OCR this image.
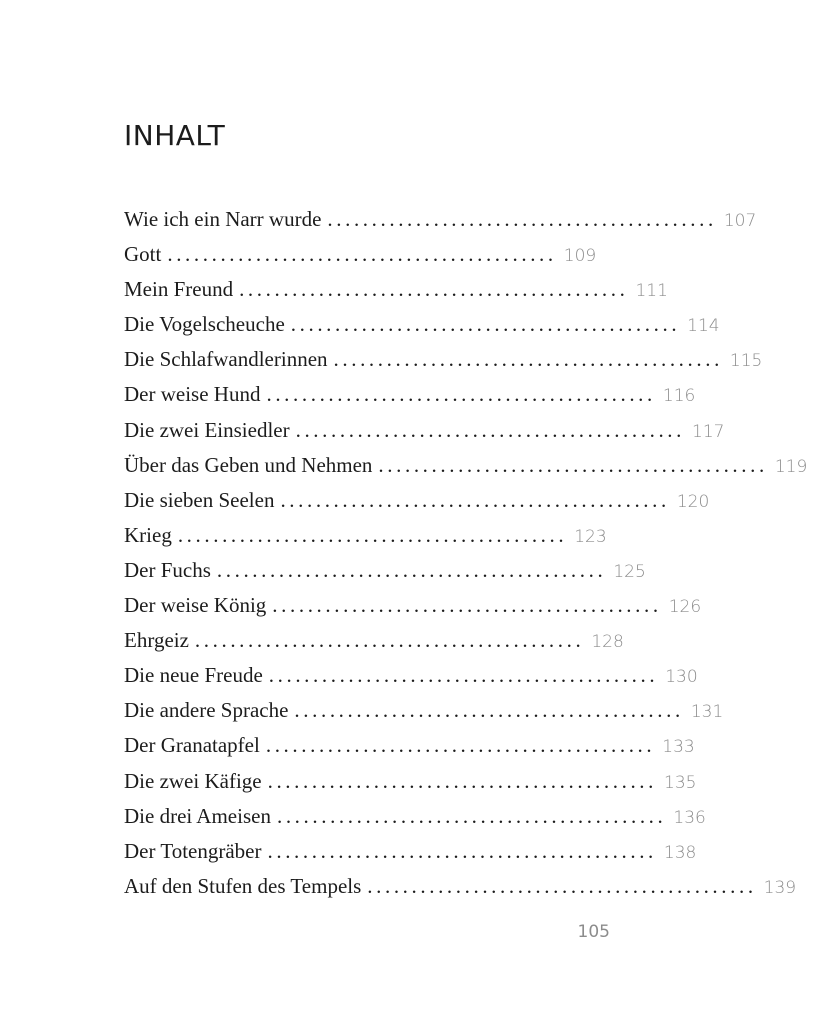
INHALT
Wie ich ein Narr wurde ............................................ 107
Gott ............................................ 109
Mein Freund ............................................ 111
Die Vogelscheuche ............................................ 114
Die Schlafwandlerinnen ............................................ 115
Der weise Hund ............................................ 116
Die zwei Einsiedler ............................................ 117
Über das Geben und Nehmen ............................................ 119
Die sieben Seelen ............................................ 120
Krieg ............................................ 123
Der Fuchs ............................................ 125
Der weise König ............................................ 126
Ehrgeiz ............................................ 128
Die neue Freude ............................................ 130
Die andere Sprache ............................................ 131
Der Granatapfel ............................................ 133
Die zwei Käfige ............................................ 135
Die drei Ameisen ............................................ 136
Der Totengräber ............................................ 138
Auf den Stufen des Tempels ............................................ 139
105
